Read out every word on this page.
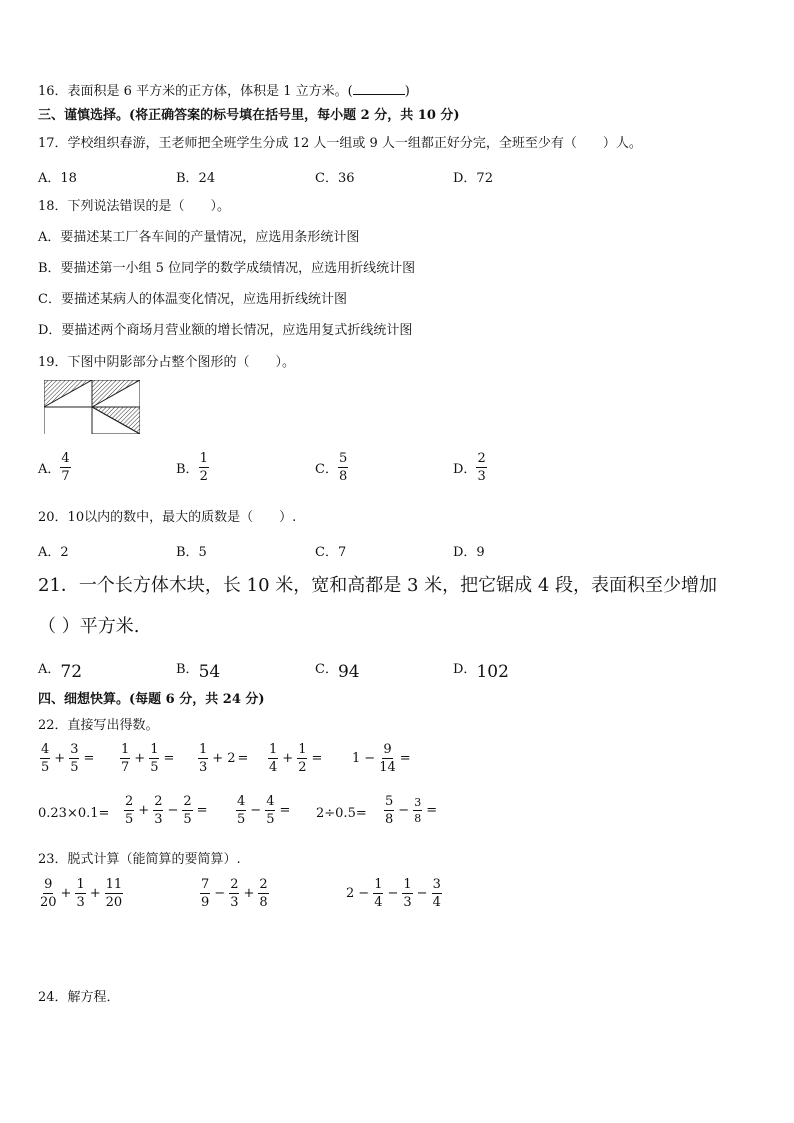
16．表面积是 6 平方米的正方体，体积是 1 立方米。(	)
三、谨慎选择。(将正确答案的标号填在括号里，每小题 2 分，共 10 分)
17．学校组织春游，王老师把全班学生分成 12 人一组或 9 人一组都正好分完，全班至少有（　　）人。
A．18	B．24	C．36	D．72
18．下列说法错误的是（　　）。
A．要描述某工厂各车间的产量情况，应选用条形统计图
B．要描述第一小组 5 位同学的数学成绩情况，应选用折线统计图
C．要描述某病人的体温变化情况，应选用折线统计图
D．要描述两个商场月营业额的增长情况，应选用复式折线统计图
19．下图中阴影部分占整个图形的（　　）。
A． $\frac{4}{7}$	B． $\frac{1}{2}$	C． $\frac{5}{8}$	D． $\frac{2}{3}$
20．10以内的数中，最大的质数是（　　）.
A．2	B．5	C．7	D．9
21．一个长方体木块，长 10 米，宽和高都是 3 米，把它锯成 4 段，表面积至少增加
（ ）平方米.
$^{A.}$72	$^{B.}$54	$^{C.}$94	$^{D.}$102
四、细想快算。(每题 6 分，共 24 分)
22．直接写出得数。
$\frac{4}{5} + \frac{3}{5} = \frac{1}{7} + \frac{1}{5} = \frac{1}{3} + 2 = \frac{1}{4} + \frac{1}{2} = 1 - \frac{9}{14}$ =
$0.23\times 0.1= \frac{2}{5} + \frac{2}{3} - \frac{2}{5} = \frac{4}{5} - \frac{4}{5} = 2\div 0.5= \frac{5}{8} - \frac{3}{8}$ =
23．脱式计算（能简算的要简算）.
$\frac{9}{20} + \frac{1}{3} + \frac{11}{20}$	$\frac{7}{9} - \frac{2}{3} + \frac{2}{8}$	$2 - \frac{1}{4} - \frac{1}{3} - \frac{3}{4}$
24．解方程．
